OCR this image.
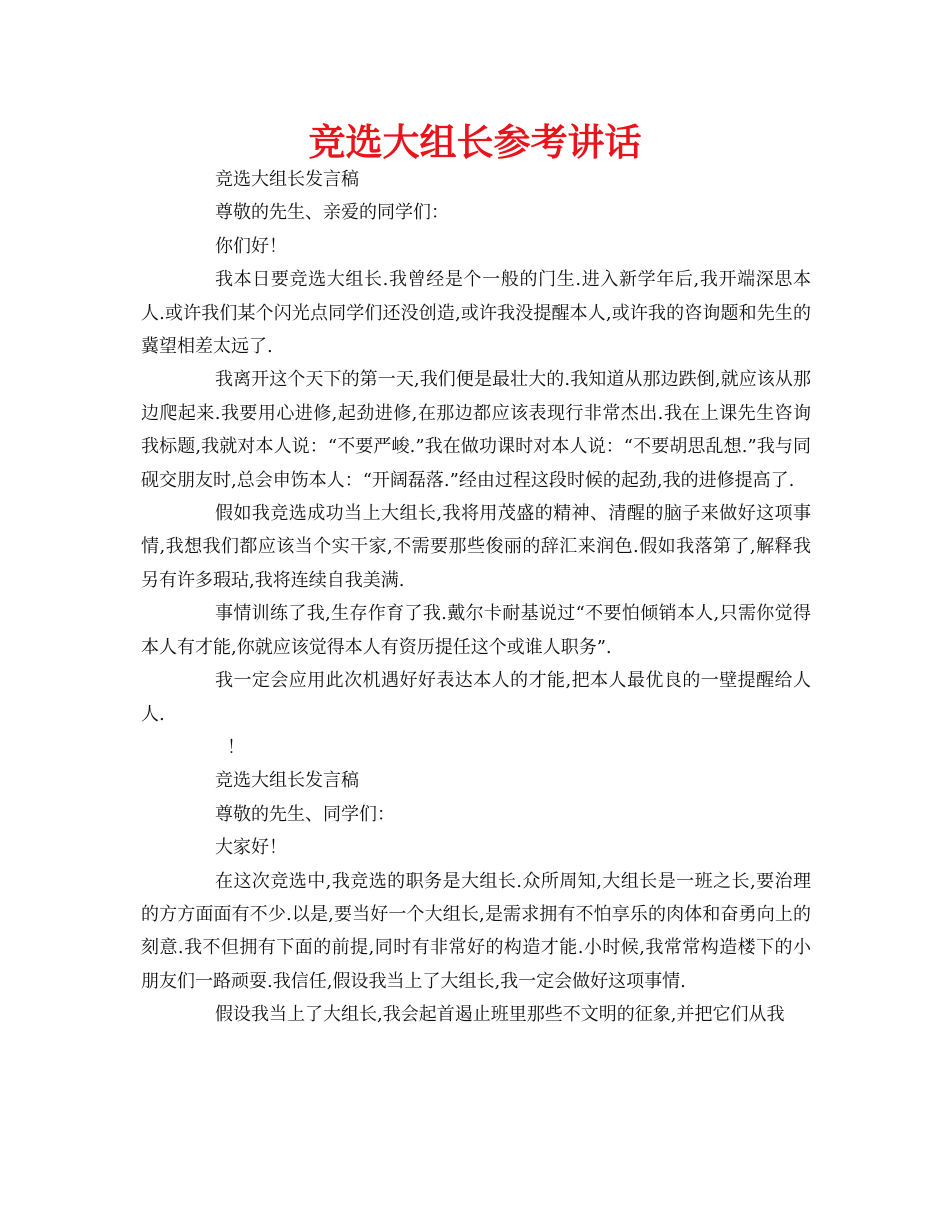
竞选大组长参考讲话

竞选大组长发言稿

尊敬的先生、亲爱的同学们：

你们好！

我本日要竞选大组长.我曾经是个一般的门生.进入新学年后,我开端深思本人.或许我们某个闪光点同学们还没创造,或许我没提醒本人,或许我的咨询题和先生的冀望相差太远了.

我离开这个天下的第一天,我们便是最壮大的.我知道从那边跌倒,就应该从那边爬起来.我要用心进修,起劲进修,在那边都应该表现行非常杰出.我在上课先生咨询我标题,我就对本人说：“不要严峻.”我在做功课时对本人说：“不要胡思乱想.”我与同砚交朋友时,总会申饬本人：“开阔磊落.”经由过程这段时候的起劲,我的进修提高了.

假如我竞选成功当上大组长,我将用茂盛的精神、清醒的脑子来做好这项事情,我想我们都应该当个实干家,不需要那些俊丽的辞汇来润色.假如我落第了,解释我另有许多瑕玷,我将连续自我美满.

事情训练了我,生存作育了我.戴尔卡耐基说过“不要怕倾销本人,只需你觉得本人有才能,你就应该觉得本人有资历提任这个或谁人职务”.

我一定会应用此次机遇好好表达本人的才能,把本人最优良的一壁提醒给人人.

！

竞选大组长发言稿

尊敬的先生、同学们：

大家好！

在这次竞选中,我竞选的职务是大组长.众所周知,大组长是一班之长,要治理的方方面面有不少.以是,要当好一个大组长,是需求拥有不怕享乐的肉体和奋勇向上的刻意.我不但拥有下面的前提,同时有非常好的构造才能.小时候,我常常构造楼下的小朋友们一路顽耍.我信任,假设我当上了大组长,我一定会做好这项事情.

假设我当上了大组长,我会起首遏止班里那些不文明的征象,并把它们从我
